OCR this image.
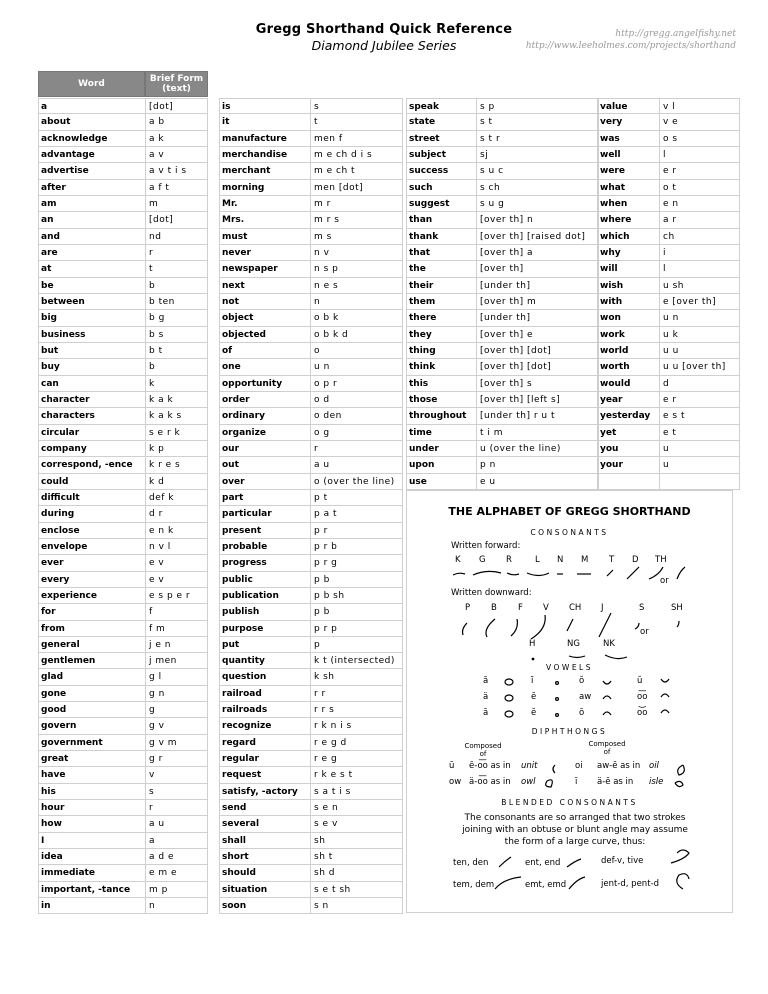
Gregg Shorthand Quick Reference
Diamond Jubilee Series
http://gregg.angelfishy.net
http://www.leeholmes.com/projects/shorthand
Word	Brief Form (text)
a	[dot]
about	a b
acknowledge	a k
advantage	a v
advertise	a v t i s
after	a f t
am	m
an	[dot]
and	nd
are	r
at	t
be	b
between	b ten
big	b g
business	b s
but	b t
buy	b
can	k
character	k a k
characters	k a k s
circular	s e r k
company	k p
correspond, -ence	k r e s
could	k d
difficult	def k
during	d r
enclose	e n k
envelope	n v l
ever	e v
every	e v
experience	e s p e r
for	f
from	f m
general	j e n
gentlemen	j men
glad	g l
gone	g n
good	g
govern	g v
government	g v m
great	g r
have	v
his	s
hour	r
how	a u
I	a
idea	a d e
immediate	e m e
important, -tance	m p
in	n
is	s
it	t
manufacture	men f
merchandise	m e ch d i s
merchant	m e ch t
morning	men [dot]
Mr.	m r
Mrs.	m r s
must	m s
never	n v
newspaper	n s p
next	n e s
not	n
object	o b k
objected	o b k d
of	o
one	u n
opportunity	o p r
order	o d
ordinary	o den
organize	o g
our	r
out	a u
over	o (over the line)
part	p t
particular	p a t
present	p r
probable	p r b
progress	p r g
public	p b
publication	p b sh
publish	p b
purpose	p r p
put	p
quantity	k t (intersected)
question	k sh
railroad	r r
railroads	r r s
recognize	r k n i s
regard	r e g d
regular	r e g
request	r k e s t
satisfy, -actory	s a t i s
send	s e n
several	s e v
shall	sh
short	sh t
should	sh d
situation	s e t sh
soon	s n
speak	s p
state	s t
street	s t r
subject	sj
success	s u c
such	s ch
suggest	s u g
than	[over th] n
thank	[over th] [raised dot]
that	[over th] a
the	[over th]
their	[under th]
them	[over th] m
there	[under th]
they	[over th] e
thing	[over th] [dot]
think	[over th] [dot]
this	[over th] s
those	[over th] [left s]
throughout	[under th] r u t
time	t i m
under	u (over the line)
upon	p n
use	e u
value	v l
very	v e
was	o s
well	l
were	e r
what	o t
when	e n
where	a r
which	ch
why	i
will	l
wish	u sh
with	e [over th]
won	u n
work	u k
world	u u
worth	u u [over th]
would	d
year	e r
yesterday	e s t
yet	e t
you	u
your	u
THE ALPHABET OF GREGG SHORTHAND
CONSONANTS
Written forward:
K G R	L N M T D TH
or
Written downward:
P B F V CH J	S	SH
or
H	NG	NK
VOWELS
ă	ĭ	ŏ	ŭ
ä	ē	aw	o͞o
ā	ĕ	ō	o͝o
DIPHTHONGS
Composed of
Composed of
ū ē-o͞o as in unit	oi aw-ē as in oil
ow ä-o͞o as in owl	ī ä-ē as in isle
BLENDED CONSONANTS
The consonants are so arranged that two strokes joining with an obtuse or blunt angle may assume the form of a large curve, thus:
ten, den	ent, end	def-v, tive
tem, dem	emt, emd	jent-d, pent-d
